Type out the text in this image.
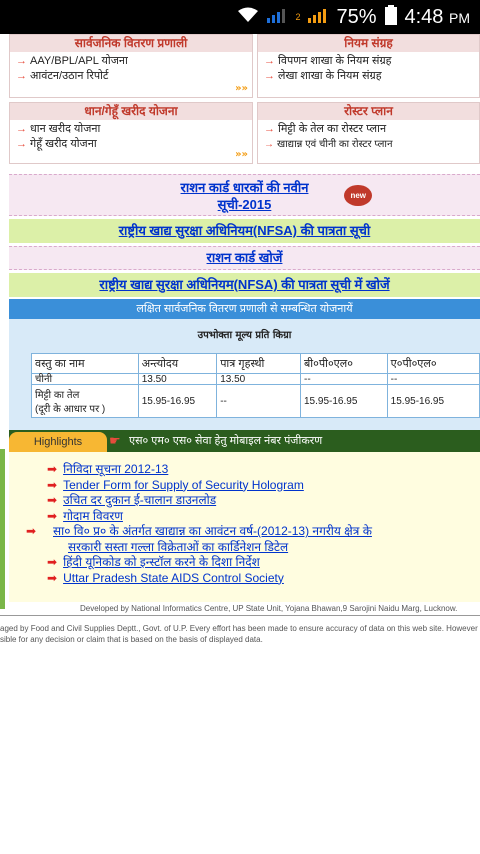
2 75% 4:48 PM
सार्वजनिक वितरण प्रणाली
→ AAY/BPL/APL योजना
→ आवंटन/उठान रिपोर्ट
»»
नियम संग्रह
→ विपणन शाखा के नियम संग्रह
→ लेखा शाखा के नियम संग्रह
धान/गेहूँ खरीद योजना
→ धान खरीद योजना
→ गेहूँ खरीद योजना
»»
रोस्टर प्लान
→ मिट्टी के तेल का रोस्टर प्लान
→ खाद्यान्न एवं चीनी का रोस्टर प्लान
राशन कार्ड धारकों की नवीन
सूची-2015
new
राष्ट्रीय खाद्य सुरक्षा अधिनियम(NFSA) की पात्रता सूची
राशन कार्ड खोजें
राष्ट्रीय खाद्य सुरक्षा अधिनियम(NFSA) की पात्रता सूची में खोजें
लक्षित सार्वजनिक वितरण प्रणाली से सम्बन्धित योजनायें
उपभोक्ता मूल्य प्रति किग्रा
वस्तु का नाम	अन्त्योदय	पात्र गृहस्थी	बी०पी०एल०	ए०पी०एल०
चीनी	13.50	13.50	--	--

मिट्टी का तेल
(दूरी के आधार पर )	15.95-16.95	--	15.95-16.95	15.95-16.95
Highlights	☛ एस० एम० एस० सेवा हेतु मोबाइल नंबर पंजीकरण
➡ निविदा सूचना 2012-13
➡ Tender Form for Supply of Security Hologram
➡ उचित दर दुकान ई-चालान डाउनलोड
➡ गोदाम विवरण
➡ सा० वि० प्र० के अंतर्गत खाद्यान्न का आवंटन वर्ष-(2012-13) नगरीय क्षेत्र के सरकारी सस्ता गल्ला विक्रेताओं का कार्डिनेशन डिटेल
➡ हिंदी यूनिकोड को इन्स्टॉल करने के दिशा निर्देश
➡ Uttar Pradesh State AIDS Control Society
Developed by National Informatics Centre, UP State Unit, Yojana Bhawan,9 Sarojini Naidu Marg, Lucknow.
aged by Food and Civil Supplies Deptt., Govt. of U.P. Every effort has been made to ensure accuracy of data on this web site. However
sible for any decision or claim that is based on the basis of displayed data.
